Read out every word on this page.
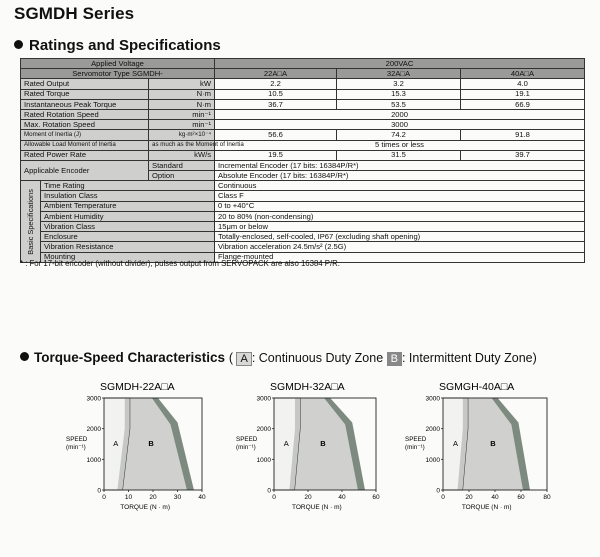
SGMDH Series
Ratings and Specifications
Applied Voltage			200VAC		
Servomotor Type SGMDH-			22A□A	32A□A	40A□A
Rated Output		kW	2.2	3.2	4.0
Rated Torque		N·m	10.5	15.3	19.1
Instantaneous Peak Torque		N·m	36.7	53.5	66.9
Rated Rotation Speed		min⁻¹	2000		
Max. Rotation Speed		min⁻¹	3000		
Moment of Inertia (J)		kg·m²×10⁻⁴	56.6	74.2	91.8
Allowable Load Moment of Inertia		as much as the Moment of Inertia	5 times or less		
Rated Power Rate		kW/s	19.5	31.5	39.7
Applicable Encoder		Standard	Incremental Encoder (17 bits: 16384P/R*)		
		Option	Absolute Encoder (17 bits: 16384P/R*)		

Basic Specifications	Time Rating		Continuous		
	Insulation Class		Class F		
	Ambient Temperature		0 to +40°C		
	Ambient Humidity		20 to 80% (non-condensing)		
	Vibration Class		15μm or below		
	Enclosure		Totally-enclosed, self-cooled, IP67 (excluding shaft opening)		
	Vibration Resistance		Vibration acceleration 24.5m/s² (2.5G)		
	Mounting		Flange-mounted		
* : For 17-bit encoder (without divider), pulses output from SERVOPACK are also 16384 P/R.
Torque-Speed Characteristics ( A : Continuous Duty Zone B : Intermittent Duty Zone)
SGMDH-22A□A
0
1000
2000
3000
0	10	20	30	40
A	B
SPEED
(min⁻¹)
TORQUE (N · m)
SGMDH-32A□A
0
1000
2000
3000
0	20	40	60
A	B
SPEED
(min⁻¹)
TORQUE (N · m)
SGMGH-40A□A
0
1000
2000
3000
0	20	40	60	80
A	B
SPEED
(min⁻¹)
TORQUE (N · m)
